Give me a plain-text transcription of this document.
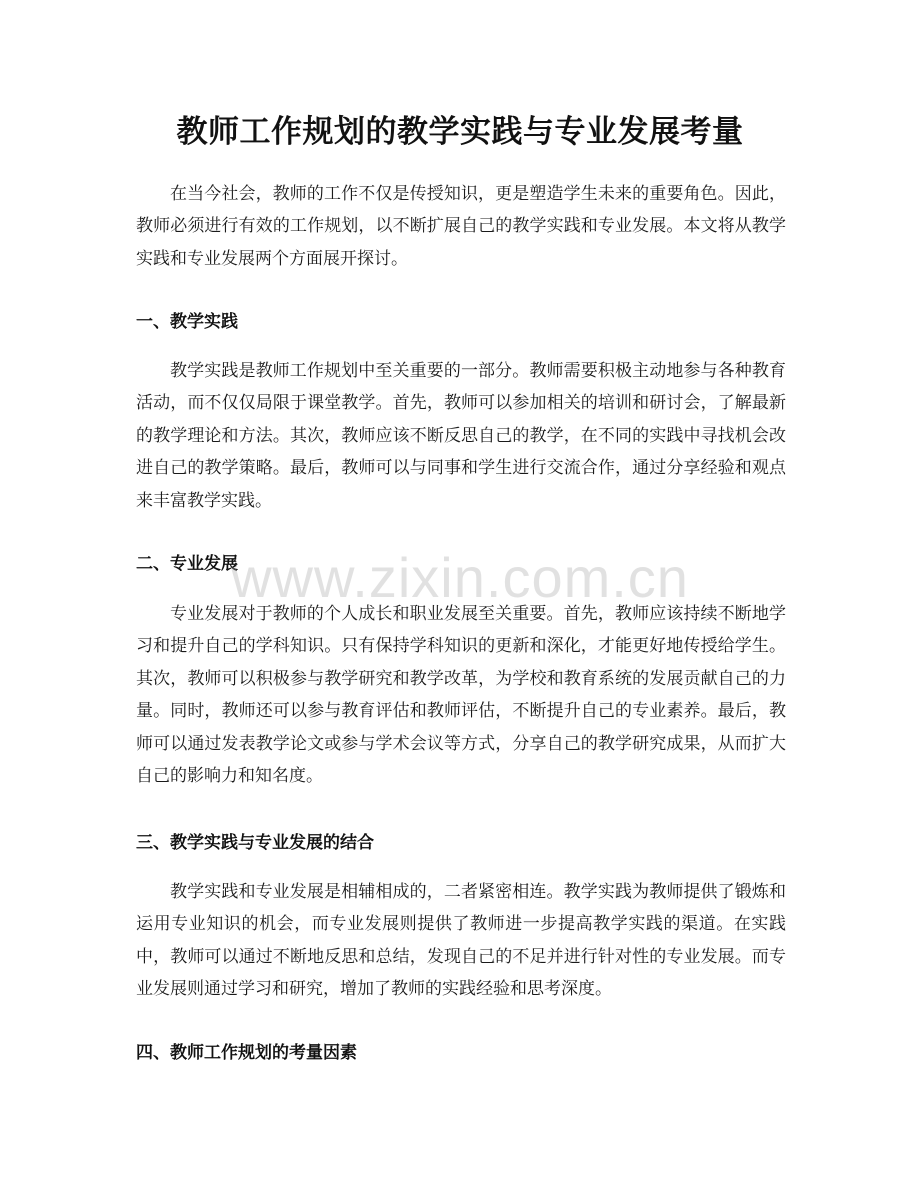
教师工作规划的教学实践与专业发展考量

在当今社会，教师的工作不仅是传授知识，更是塑造学生未来的重要角色。因此，教师必须进行有效的工作规划，以不断扩展自己的教学实践和专业发展。本文将从教学实践和专业发展两个方面展开探讨。

一、教学实践

教学实践是教师工作规划中至关重要的一部分。教师需要积极主动地参与各种教育活动，而不仅仅局限于课堂教学。首先，教师可以参加相关的培训和研讨会，了解最新的教学理论和方法。其次，教师应该不断反思自己的教学，在不同的实践中寻找机会改进自己的教学策略。最后，教师可以与同事和学生进行交流合作，通过分享经验和观点来丰富教学实践。

二、专业发展

专业发展对于教师的个人成长和职业发展至关重要。首先，教师应该持续不断地学习和提升自己的学科知识。只有保持学科知识的更新和深化，才能更好地传授给学生。其次，教师可以积极参与教学研究和教学改革，为学校和教育系统的发展贡献自己的力量。同时，教师还可以参与教育评估和教师评估，不断提升自己的专业素养。最后，教师可以通过发表教学论文或参与学术会议等方式，分享自己的教学研究成果，从而扩大自己的影响力和知名度。

三、教学实践与专业发展的结合

教学实践和专业发展是相辅相成的，二者紧密相连。教学实践为教师提供了锻炼和运用专业知识的机会，而专业发展则提供了教师进一步提高教学实践的渠道。在实践中，教师可以通过不断地反思和总结，发现自己的不足并进行针对性的专业发展。而专业发展则通过学习和研究，增加了教师的实践经验和思考深度。

四、教师工作规划的考量因素
www.zixin.com.cn
